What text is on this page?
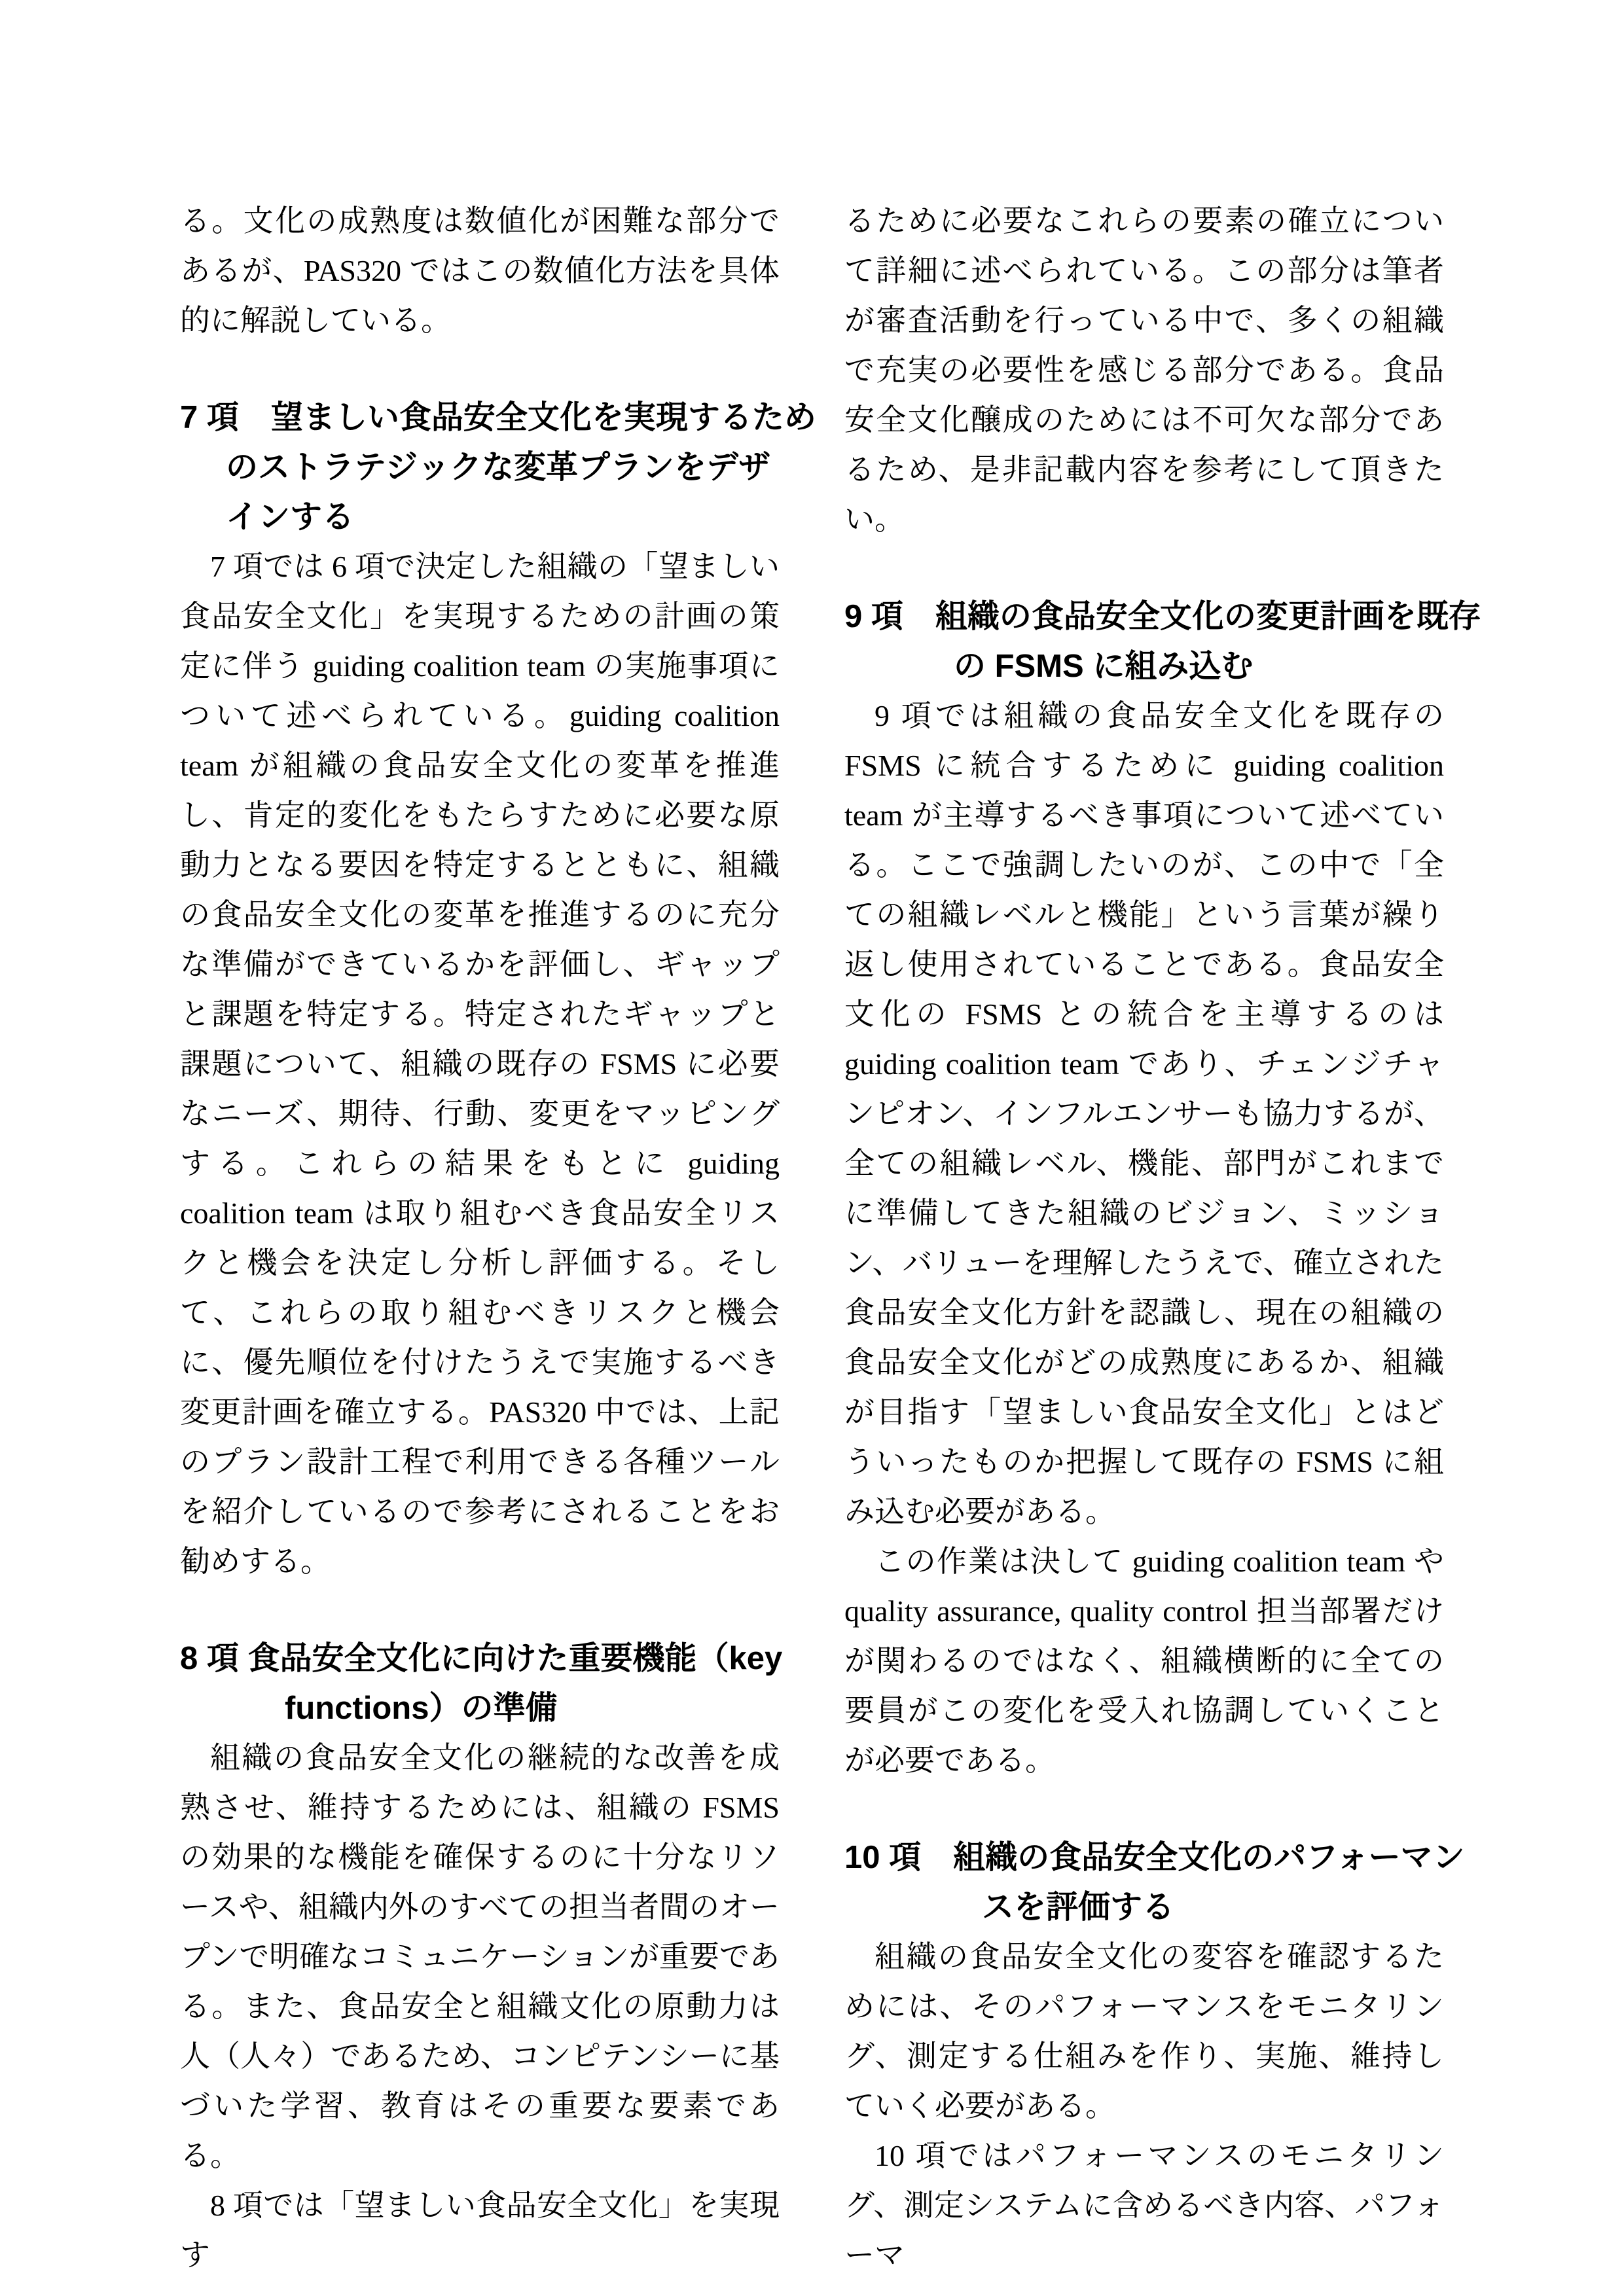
る。文化の成熟度は数値化が困難な部分であるが、PAS320 ではこの数値化方法を具体的に解説している。

7 項　望ましい食品安全文化を実現するため
のストラテジックな変革プランをデザ
インする

7 項では 6 項で決定した組織の「望ましい食品安全文化」を実現するための計画の策定に伴う guiding coalition team の実施事項について述べられている。guiding coalition team が組織の食品安全文化の変革を推進し、肯定的変化をもたらすために必要な原動力となる要因を特定するとともに、組織の食品安全文化の変革を推進するのに充分な準備ができているかを評価し、ギャップと課題を特定する。特定されたギャップと課題について、組織の既存の FSMS に必要なニーズ、期待、行動、変更をマッピングする。これらの結果をもとに guiding coalition team は取り組むべき食品安全リスクと機会を決定し分析し評価する。そして、これらの取り組むべきリスクと機会に、優先順位を付けたうえで実施するべき変更計画を確立する。PAS320 中では、上記のプラン設計工程で利用できる各種ツールを紹介しているので参考にされることをお勧めする。

8 項 食品安全文化に向けた重要機能（key
functions）の準備

組織の食品安全文化の継続的な改善を成熟させ、維持するためには、組織の FSMS の効果的な機能を確保するのに十分なリソースや、組織内外のすべての担当者間のオープンで明確なコミュニケーションが重要である。また、食品安全と組織文化の原動力は人（人々）であるため、コンピテンシーに基づいた学習、教育はその重要な要素である。

8 項では「望ましい食品安全文化」を実現す

るために必要なこれらの要素の確立について詳細に述べられている。この部分は筆者が審査活動を行っている中で、多くの組織で充実の必要性を感じる部分である。食品安全文化醸成のためには不可欠な部分であるため、是非記載内容を参考にして頂きたい。

9 項　組織の食品安全文化の変更計画を既存
の FSMS に組み込む

9 項では組織の食品安全文化を既存の FSMS に統合するために guiding coalition team が主導するべき事項について述べている。ここで強調したいのが、この中で「全ての組織レベルと機能」という言葉が繰り返し使用されていることである。食品安全文化の FSMS との統合を主導するのは guiding coalition team であり、チェンジチャンピオン、インフルエンサーも協力するが、全ての組織レベル、機能、部門がこれまでに準備してきた組織のビジョン、ミッション、バリューを理解したうえで、確立された食品安全文化方針を認識し、現在の組織の食品安全文化がどの成熟度にあるか、組織が目指す「望ましい食品安全文化」とはどういったものか把握して既存の FSMS に組み込む必要がある。

この作業は決して guiding coalition team や quality assurance, quality control 担当部署だけが関わるのではなく、組織横断的に全ての要員がこの変化を受入れ協調していくことが必要である。

10 項　組織の食品安全文化のパフォーマン
スを評価する

組織の食品安全文化の変容を確認するためには、そのパフォーマンスをモニタリング、測定する仕組みを作り、実施、維持していく必要がある。

10 項ではパフォーマンスのモニタリング、測定システムに含めるべき内容、パフォーマ
